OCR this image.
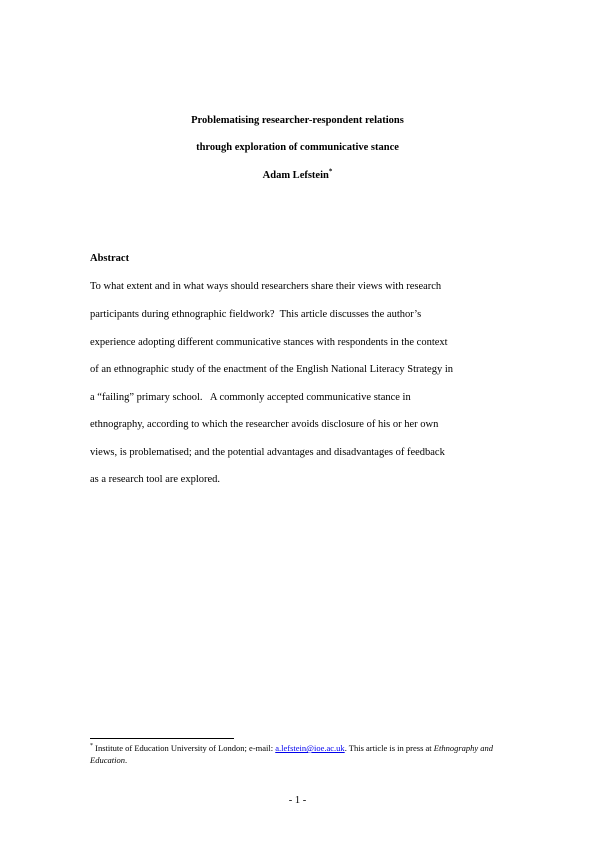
Problematising researcher-respondent relations
through exploration of communicative stance
Adam Lefstein*
Abstract
To what extent and in what ways should researchers share their views with research
participants during ethnographic fieldwork?  This article discusses the author’s
experience adopting different communicative stances with respondents in the context
of an ethnographic study of the enactment of the English National Literacy Strategy in
a “failing” primary school.   A commonly accepted communicative stance in
ethnography, according to which the researcher avoids disclosure of his or her own
views, is problematised; and the potential advantages and disadvantages of feedback
as a research tool are explored.
* Institute of Education University of London; e-mail: a.lefstein@ioe.ac.uk. This article is in press at Ethnography and Education.
- 1 -
